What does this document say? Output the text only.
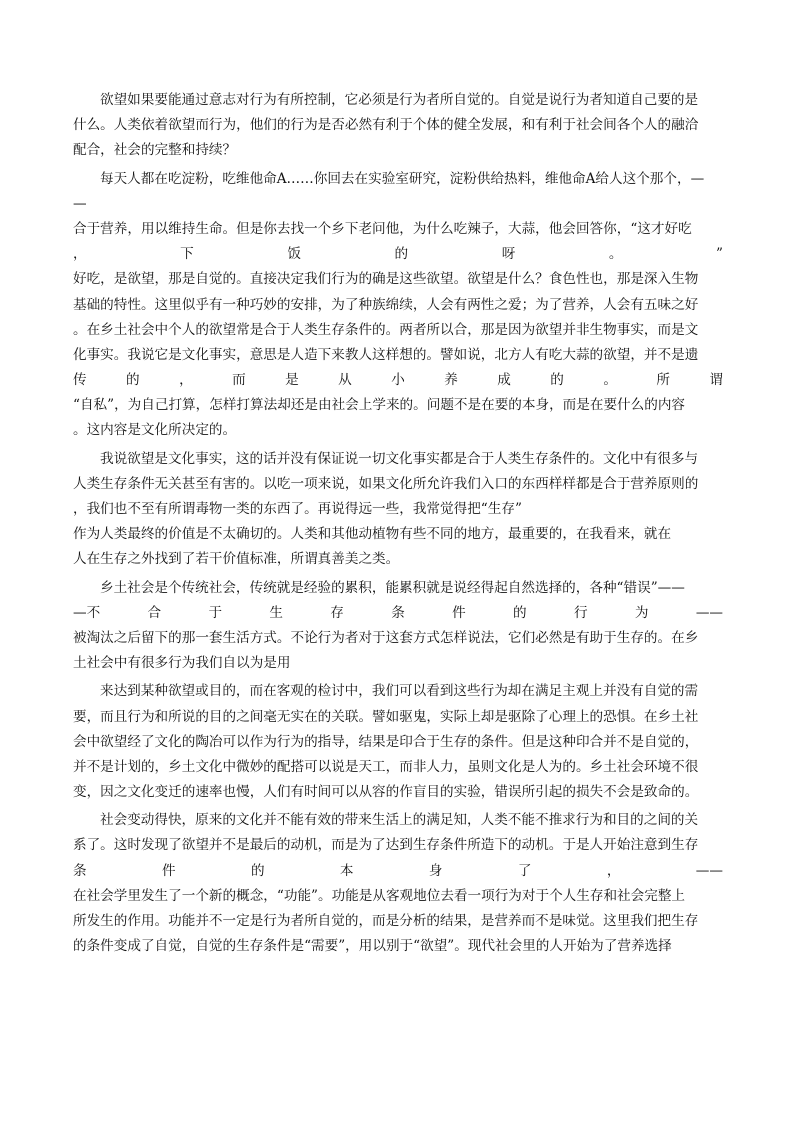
欲望如果要能通过意志对行为有所控制，它必须是行为者所自觉的。自觉是说行为者知道自己要的是
什么。人类依着欲望而行为，他们的行为是否必然有利于个体的健全发展，和有利于社会间各个人的融洽
配合，社会的完整和持续？
每天人都在吃淀粉，吃维他命A……你回去在实验室研究，淀粉供给热料，维他命A给人这个那个，—
—
合于营养，用以维持生命。但是你去找一个乡下老问他，为什么吃辣子，大蒜，他会回答你，“这才好吃
，	下	饭	的	呀	。	”
好吃，是欲望，那是自觉的。直接决定我们行为的确是这些欲望。欲望是什么？食色性也，那是深入生物
基础的特性。这里似乎有一种巧妙的安排，为了种族绵续，人会有两性之爱；为了营养，人会有五味之好
。在乡土社会中个人的欲望常是合于人类生存条件的。两者所以合，那是因为欲望并非生物事实，而是文
化事实。我说它是文化事实，意思是人造下来教人这样想的。譬如说，北方人有吃大蒜的欲望，并不是遗
传	的	，	而	是	从	小	养	成	的	。	所	谓
“自私”，为自己打算，怎样打算法却还是由社会上学来的。问题不是在要的本身，而是在要什么的内容
。这内容是文化所决定的。
我说欲望是文化事实，这的话并没有保证说一切文化事实都是合于人类生存条件的。文化中有很多与
人类生存条件无关甚至有害的。以吃一项来说，如果文化所允许我们入口的东西样样都是合于营养原则的
，我们也不至有所谓毒物一类的东西了。再说得远一些，我常觉得把“生存”
作为人类最终的价值是不太确切的。人类和其他动植物有些不同的地方，最重要的，在我看来，就在
人在生存之外找到了若干价值标准，所谓真善美之类。
乡土社会是个传统社会，传统就是经验的累积，能累积就是说经得起自然选择的，各种“错误”——
—不	合	于	生	存	条	件	的	行	为	——
被淘汰之后留下的那一套生活方式。不论行为者对于这套方式怎样说法，它们必然是有助于生存的。在乡
土社会中有很多行为我们自以为是用
来达到某种欲望或目的，而在客观的检讨中，我们可以看到这些行为却在满足主观上并没有自觉的需
要，而且行为和所说的目的之间毫无实在的关联。譬如驱鬼，实际上却是驱除了心理上的恐惧。在乡土社
会中欲望经了文化的陶冶可以作为行为的指导，结果是印合于生存的条件。但是这种印合并不是自觉的，
并不是计划的，乡土文化中微妙的配搭可以说是天工，而非人力，虽则文化是人为的。乡土社会环境不很
变，因之文化变迁的速率也慢，人们有时间可以从容的作盲目的实验，错误所引起的损失不会是致命的。
社会变动得快，原来的文化并不能有效的带来生活上的满足知，人类不能不推求行为和目的之间的关
系了。这时发现了欲望并不是最后的动机，而是为了达到生存条件所造下的动机。于是人开始注意到生存
条	件	的	本	身	了	，	——
在社会学里发生了一个新的概念，“功能”。功能是从客观地位去看一项行为对于个人生存和社会完整上
所发生的作用。功能并不一定是行为者所自觉的，而是分析的结果，是营养而不是味觉。这里我们把生存
的条件变成了自觉，自觉的生存条件是“需要”，用以别于“欲望”。现代社会里的人开始为了营养选择
